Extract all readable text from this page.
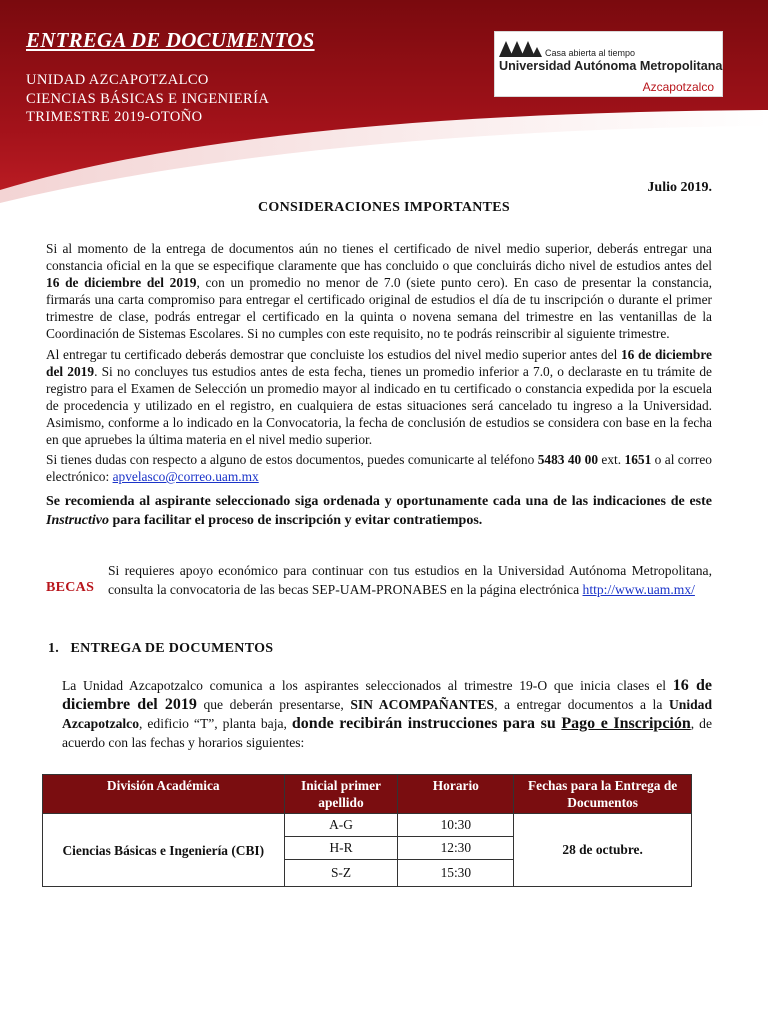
ENTREGA DE DOCUMENTOS
UNIDAD AZCAPOTZALCO
CIENCIAS BÁSICAS E INGENIERÍA
TRIMESTRE 2019-OTOÑO
Casa abierta al tiempo
Universidad Autónoma Metropolitana
Azcapotzalco
Julio 2019.
CONSIDERACIONES IMPORTANTES

Si al momento de la entrega de documentos aún no tienes el certificado de nivel medio superior, deberás entregar una constancia oficial en la que se especifique claramente que has concluido o que concluirás dicho nivel de estudios antes del 16 de diciembre del 2019, con un promedio no menor de 7.0 (siete punto cero). En caso de presentar la constancia, firmarás una carta compromiso para entregar el certificado original de estudios el día de tu inscripción o durante el primer trimestre de clase, podrás entregar el certificado en la quinta o novena semana del trimestre en las ventanillas de la Coordinación de Sistemas Escolares. Si no cumples con este requisito, no te podrás reinscribir al siguiente trimestre.

Al entregar tu certificado deberás demostrar que concluiste los estudios del nivel medio superior antes del 16 de diciembre del 2019. Si no concluyes tus estudios antes de esta fecha, tienes un promedio inferior a 7.0, o declaraste en tu trámite de registro para el Examen de Selección un promedio mayor al indicado en tu certificado o constancia expedida por la escuela de procedencia y utilizado en el registro, en cualquiera de estas situaciones será cancelado tu ingreso a la Universidad. Asimismo, conforme a lo indicado en la Convocatoria, la fecha de conclusión de estudios se considera con base en la fecha en que apruebes la última materia en el nivel medio superior.

Si tienes dudas con respecto a alguno de estos documentos, puedes comunicarte al teléfono 5483 40 00 ext. 1651 o al correo electrónico: apvelasco@correo.uam.mx

Se recomienda al aspirante seleccionado siga ordenada y oportunamente cada una de las indicaciones de este Instructivo para facilitar el proceso de inscripción y evitar contratiempos.
BECAS
Si requieres apoyo económico para continuar con tus estudios en la Universidad Autónoma Metropolitana, consulta la convocatoria de las becas SEP-UAM-PRONABES en la página electrónica http://www.uam.mx/
1. ENTREGA DE DOCUMENTOS
La Unidad Azcapotzalco comunica a los aspirantes seleccionados al trimestre 19-O que inicia clases el 16 de diciembre del 2019 que deberán presentarse, SIN ACOMPAÑANTES, a entregar documentos a la Unidad Azcapotzalco, edificio “T”, planta baja, donde recibirán instrucciones para su Pago e Inscripción, de acuerdo con las fechas y horarios siguientes:
División Académica	Inicial primer apellido	Horario	Fechas para la Entrega de Documentos
Ciencias Básicas e Ingeniería (CBI)	A-G	10:30	28 de octubre.
	H-R	12:30	
	S-Z	15:30	
